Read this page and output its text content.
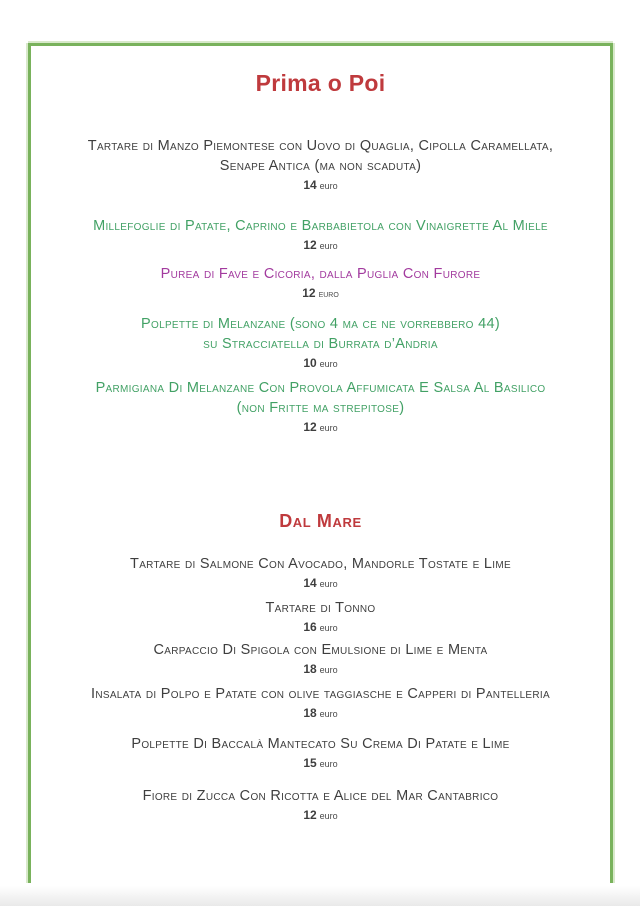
Prima o Poi
Tartare di Manzo Piemontese con Uovo di Quaglia, Cipolla Caramellata,
Senape Antica (ma non scaduta)
14 euro
Millefoglie di Patate, Caprino e Barbabietola con Vinaigrette Al Miele
12 euro
Purea di Fave e Cicoria, dalla Puglia Con Furore
12 euro
Polpette di Melanzane (sono 4 ma ce ne vorrebbero 44)
su Stracciatella di Burrata d’Andria
10 euro
Parmigiana Di Melanzane Con Provola Affumicata E Salsa Al Basilico
(non Fritte ma strepitose)
12 euro
Dal Mare
Tartare di Salmone Con Avocado, Mandorle Tostate e Lime
14 euro
Tartare di Tonno
16 euro
Carpaccio Di Spigola con Emulsione di Lime e Menta
18 euro
Insalata di Polpo e Patate con olive taggiasche e Capperi di Pantelleria
18 euro
Polpette Di Baccalà Mantecato Su Crema Di Patate e Lime
15 euro
Fiore di Zucca Con Ricotta e Alice del Mar Cantabrico
12 euro
